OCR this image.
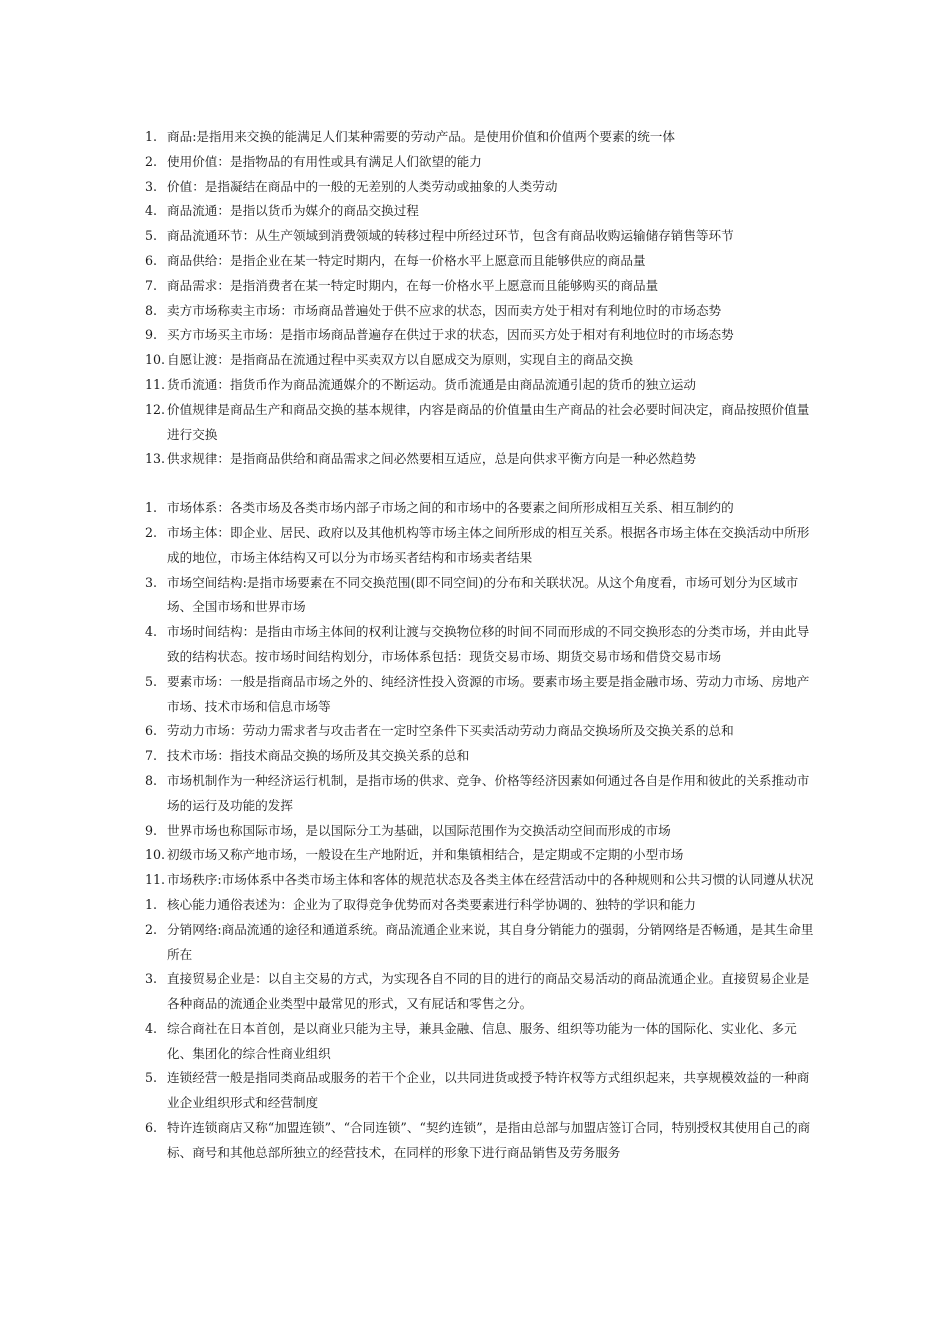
1. 商品:是指用来交换的能满足人们某种需要的劳动产品。是使用价值和价值两个要素的统一体
2. 使用价值：是指物品的有用性或具有满足人们欲望的能力
3. 价值：是指凝结在商品中的一般的无差别的人类劳动或抽象的人类劳动
4. 商品流通：是指以货币为媒介的商品交换过程
5. 商品流通环节：从生产领域到消费领域的转移过程中所经过环节，包含有商品收购运输储存销售等环节
6. 商品供给：是指企业在某一特定时期内，在每一价格水平上愿意而且能够供应的商品量
7. 商品需求：是指消费者在某一特定时期内，在每一价格水平上愿意而且能够购买的商品量
8. 卖方市场称卖主市场：市场商品普遍处于供不应求的状态，因而卖方处于相对有利地位时的市场态势
9. 买方市场买主市场：是指市场商品普遍存在供过于求的状态，因而买方处于相对有利地位时的市场态势
10. 自愿让渡：是指商品在流通过程中买卖双方以自愿成交为原则，实现自主的商品交换
11. 货币流通：指货币作为商品流通媒介的不断运动。货币流通是由商品流通引起的货币的独立运动
12. 价值规律是商品生产和商品交换的基本规律，内容是商品的价值量由生产商品的社会必要时间决定，商品按照价值量进行交换
13. 供求规律：是指商品供给和商品需求之间必然要相互适应，总是向供求平衡方向是一种必然趋势
1. 市场体系：各类市场及各类市场内部子市场之间的和市场中的各要素之间所形成相互关系、相互制约的
2. 市场主体：即企业、居民、政府以及其他机构等市场主体之间所形成的相互关系。根据各市场主体在交换活动中所形成的地位，市场主体结构又可以分为市场买者结构和市场卖者结果
3. 市场空间结构:是指市场要素在不同交换范围(即不同空间)的分布和关联状况。从这个角度看，市场可划分为区域市场、全国市场和世界市场
4. 市场时间结构：是指由市场主体间的权利让渡与交换物位移的时间不同而形成的不同交换形态的分类市场，并由此导致的结构状态。按市场时间结构划分，市场体系包括：现货交易市场、期货交易市场和借贷交易市场
5. 要素市场：一般是指商品市场之外的、纯经济性投入资源的市场。要素市场主要是指金融市场、劳动力市场、房地产市场、技术市场和信息市场等
6. 劳动力市场：劳动力需求者与攻击者在一定时空条件下买卖活动劳动力商品交换场所及交换关系的总和
7. 技术市场：指技术商品交换的场所及其交换关系的总和
8. 市场机制作为一种经济运行机制，是指市场的供求、竞争、价格等经济因素如何通过各自是作用和彼此的关系推动市场的运行及功能的发挥
9. 世界市场也称国际市场，是以国际分工为基础，以国际范围作为交换活动空间而形成的市场
10. 初级市场又称产地市场，一般设在生产地附近，并和集镇相结合，是定期或不定期的小型市场
11. 市场秩序:市场体系中各类市场主体和客体的规范状态及各类主体在经营活动中的各种规则和公共习惯的认同遵从状况
1. 核心能力通俗表述为：企业为了取得竞争优势而对各类要素进行科学协调的、独特的学识和能力
2. 分销网络:商品流通的途径和通道系统。商品流通企业来说，其自身分销能力的强弱，分销网络是否畅通，是其生命里所在
3. 直接贸易企业是：以自主交易的方式，为实现各自不同的目的进行的商品交易活动的商品流通企业。直接贸易企业是各种商品的流通企业类型中最常见的形式，又有屁话和零售之分。
4. 综合商社在日本首创，是以商业只能为主导，兼具金融、信息、服务、组织等功能为一体的国际化、实业化、多元化、集团化的综合性商业组织
5. 连锁经营一般是指同类商品或服务的若干个企业，以共同进货或授予特许权等方式组织起来，共享规模效益的一种商业企业组织形式和经营制度
6. 特许连锁商店又称“加盟连锁”、“合同连锁”、“契约连锁”，是指由总部与加盟店签订合同，特别授权其使用自己的商标、商号和其他总部所独立的经营技术，在同样的形象下进行商品销售及劳务服务
